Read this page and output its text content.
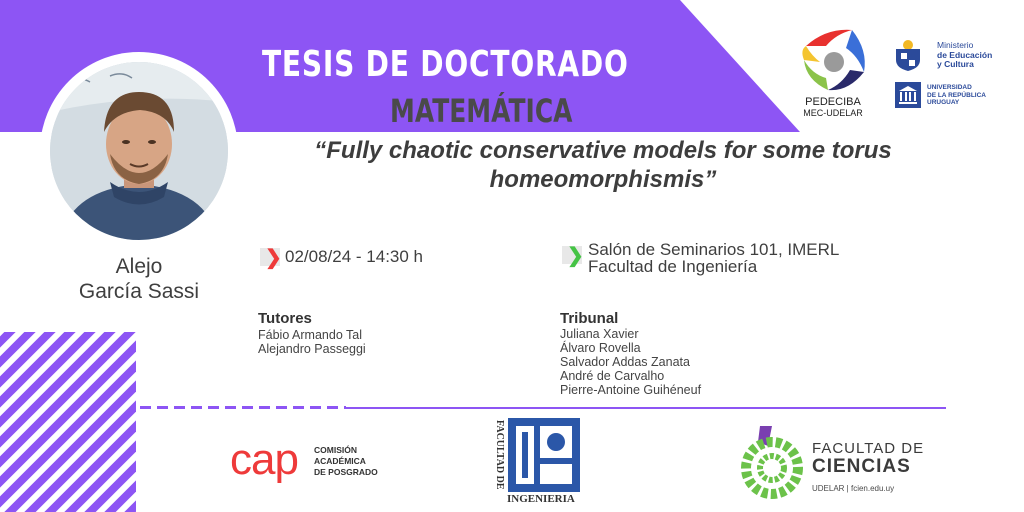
TESIS DE DOCTORADO
MATEMÁTICA	PEDECIBA
MEC-UDELAR
Ministerio
de Educación
y Cultura
UNIVERSIDAD
DE LA REPÚBLICA
URUGUAY
“Fully chaotic conservative models for some torus
homeomorphismis”
Alejo
García Sassi
❯ 02/08/24 - 14:30 h	❯ Salón de Seminarios 101, IMERL
Facultad de Ingeniería
Tutores
Fábio Armando Tal
Alejandro Passeggi
Tribunal
Juliana Xavier
Álvaro Rovella
Salvador Addas Zanata
André de Carvalho
Pierre-Antoine Guihéneuf
cap COMISIÓN
ACADÉMICA
DE POSGRADO	FACULTAD DE
INGENIERIA
FACULTAD DE
CIENCIAS
UDELAR | fcien.edu.uy
